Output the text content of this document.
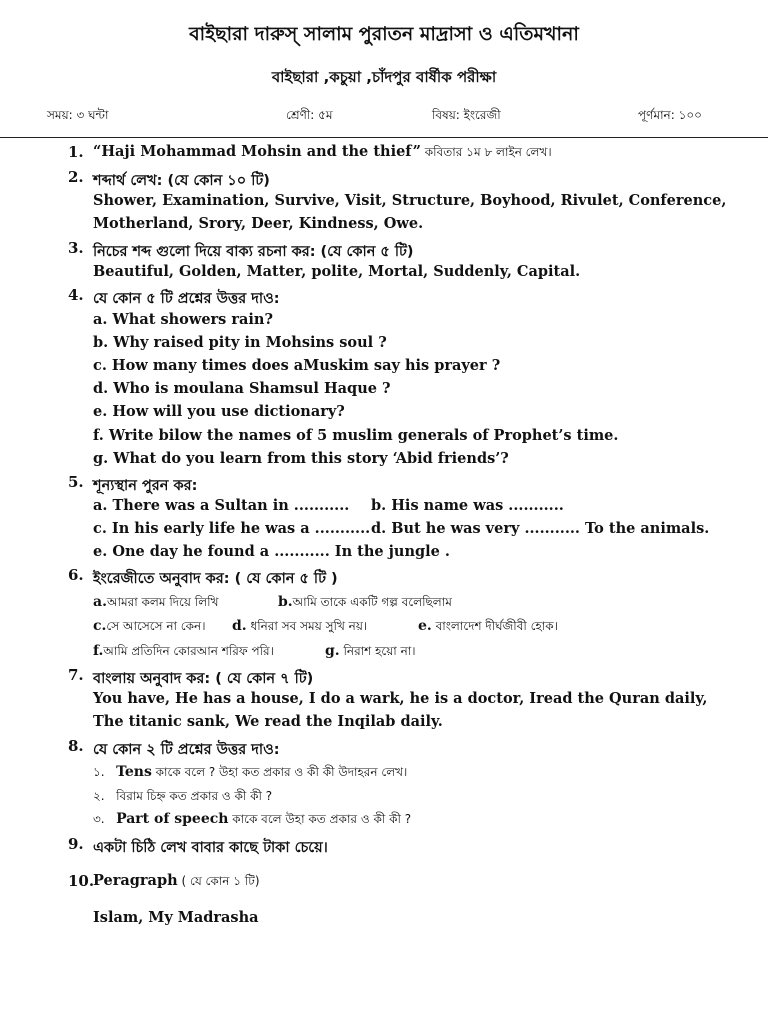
বাইছারা দারুস্ সালাম পুরাতন মাদ্রাসা ও এতিমখানা
বাইছারা ,কচুয়া ,চাঁদপুর বার্ষীক পরীক্ষা
সময়: ৩ ঘন্টা	শ্রেণী: ৫ম	বিষয়: ইংরেজী	পূর্ণমান: ১০০
1. “Haji Mohammad Mohsin and the thief” কবিতার ১ম ৮ লাইন লেখ।
2. শব্দার্থ লেখ: (যে কোন ১০ টি)
Shower, Examination, Survive, Visit, Structure, Boyhood, Rivulet, Conference,
Motherland, Srory, Deer, Kindness, Owe.
3. নিচের শব্দ গুলো দিয়ে বাক্য রচনা কর: (যে কোন ৫ টি)
Beautiful, Golden, Matter, polite, Mortal, Suddenly, Capital.
4. যে কোন ৫ টি প্রশ্নের উত্তর দাও:
a. What showers rain?
b. Why raised pity in Mohsins soul ?
c. How many times does aMuskim say his prayer ?
d. Who is moulana Shamsul Haque ?
e. How will you use dictionary?
f. Write bilow the names of 5 muslim generals of Prophet’s time.
g. What do you learn from this story ‘Abid friends’?
5. শূন্যস্থান পুরন কর:
a. There was a Sultan in ........... b. His name was ...........
c. In his early life he was a ........... d. But he was very ........... To the animals.
e. One day he found a ........... In the jungle .
6. ইংরেজীতে অনুবাদ কর: ( যে কোন ৫ টি )
a.আমরা কলম দিয়ে লিখি	b.আমি তাকে একটি গল্প বলেছিলাম
c.সে আসেসে না কেন। d. ধনিরা সব সময় সুখি নয়।	e. বাংলাদেশ দীর্ঘজীবী হোক।
f.আমি প্রতিদিন কোরআন শরিফ পরি।	g. নিরাশ হয়ো না।
7. বাংলায় অনুবাদ কর: ( যে কোন ৭ টি)
You have, He has a house, I do a wark, he is a doctor, Iread the Quran daily,
The titanic sank, We read the Inqilab daily.
8. যে কোন ২ টি প্রশ্নের উত্তর দাও:
১. Tens কাকে বলে ? উহা কত প্রকার ও কী কী উদাহরন লেখ।
২. বিরাম চিহ্ন কত প্রকার ও কী কী ?
৩. Part of speech কাকে বলে উহা কত প্রকার ও কী কী ?
9. একটা চিঠি লেখ বাবার কাছে টাকা চেয়ে।
10.
Peragraph ( যে কোন ১ টি)
Islam, My Madrasha
